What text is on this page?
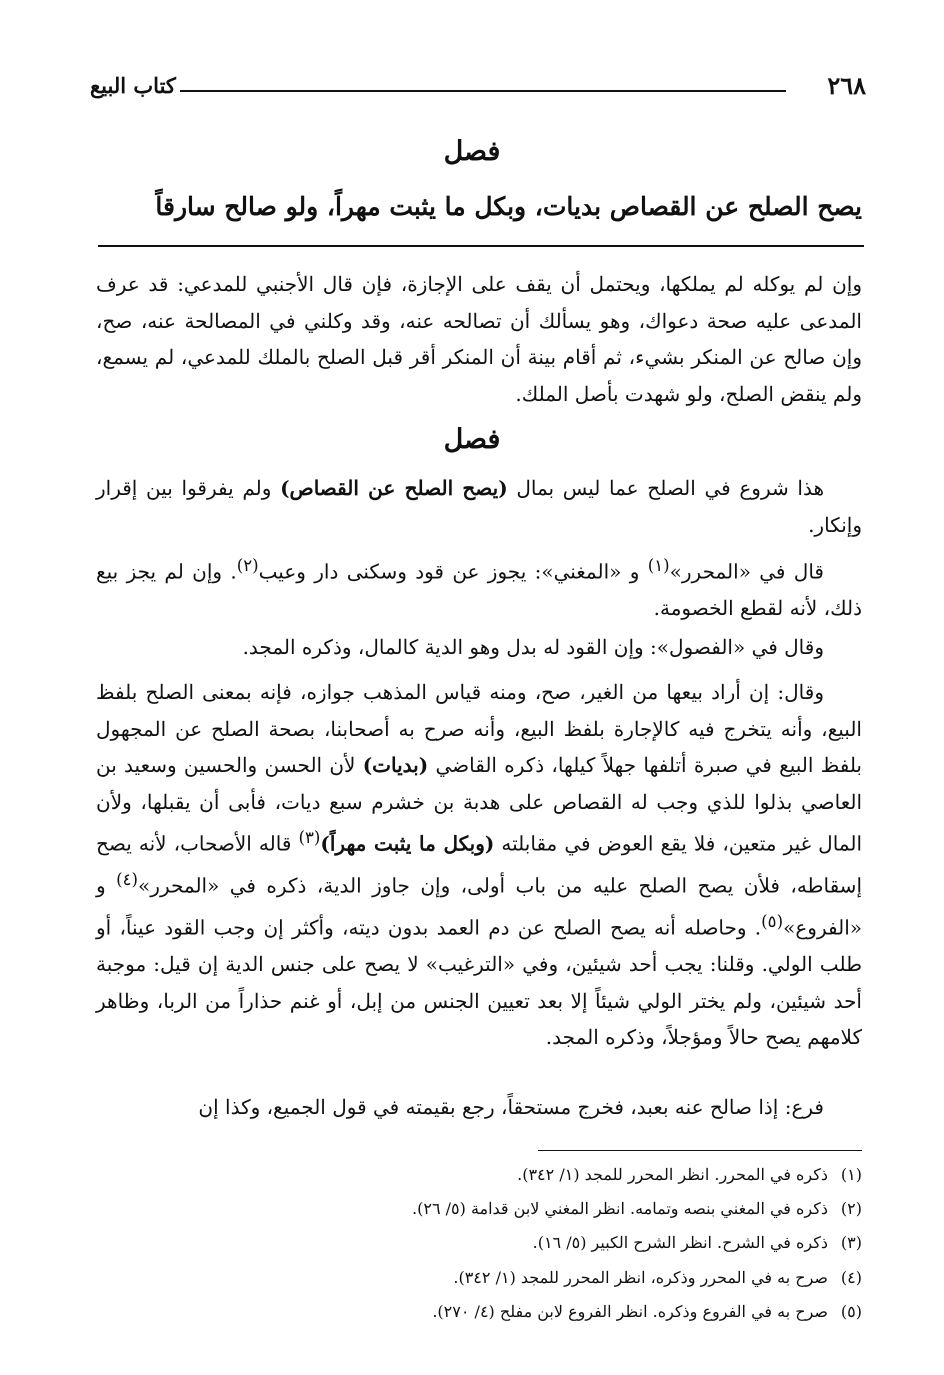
٢٦٨
كتاب البيع
فصل
يصح الصلح عن القصاص بديات، وبكل ما يثبت مهراً، ولو صالح سارقاً
وإن لم يوكله لم يملكها، ويحتمل أن يقف على الإجازة، فإن قال الأجنبي للمدعي: قد عرف المدعى عليه صحة دعواك، وهو يسألك أن تصالحه عنه، وقد وكلني في المصالحة عنه، صح، وإن صالح عن المنكر بشيء، ثم أقام بينة أن المنكر أقر قبل الصلح بالملك للمدعي، لم يسمع، ولم ينقض الصلح، ولو شهدت بأصل الملك.
فصل
هذا شروع في الصلح عما ليس بمال (يصح الصلح عن القصاص) ولم يفرقوا بين إقرار وإنكار.
قال في «المحرر»$^{(١)}$ و «المغني»: يجوز عن قود وسكنى دار وعيب$^{(٢)}$. وإن لم يجز بيع ذلك، لأنه لقطع الخصومة.
وقال في «الفصول»: وإن القود له بدل وهو الدية كالمال، وذكره المجد.
وقال: إن أراد بيعها من الغير، صح، ومنه قياس المذهب جوازه، فإنه بمعنى الصلح بلفظ البيع، وأنه يتخرج فيه كالإجارة بلفظ البيع، وأنه صرح به أصحابنا، بصحة الصلح عن المجهول بلفظ البيع في صبرة أتلفها جهلاً كيلها، ذكره القاضي (بديات) لأن الحسن والحسين وسعيد بن العاصي بذلوا للذي وجب له القصاص على هدبة بن خشرم سبع ديات، فأبى أن يقبلها، ولأن المال غير متعين، فلا يقع العوض في مقابلته (وبكل ما يثبت مهراً)$^{(٣)}$ قاله الأصحاب، لأنه يصح إسقاطه، فلأن يصح الصلح عليه من باب أولى، وإن جاوز الدية، ذكره في «المحرر»$^{(٤)}$ و «الفروع»$^{(٥)}$. وحاصله أنه يصح الصلح عن دم العمد بدون ديته، وأكثر إن وجب القود عيناً، أو طلب الولي. وقلنا: يجب أحد شيئين، وفي «الترغيب» لا يصح على جنس الدية إن قيل: موجبة أحد شيئين، ولم يختر الولي شيئاً إلا بعد تعيين الجنس من إبل، أو غنم حذاراً من الربا، وظاهر كلامهم يصح حالاً ومؤجلاً، وذكره المجد.
فرع: إذا صالح عنه بعبد، فخرج مستحقاً، رجع بقيمته في قول الجميع، وكذا إن
(١)ذكره في المحرر. انظر المحرر للمجد (١/ ٣٤٢).
(٢)ذكره في المغني بنصه وتمامه. انظر المغني لابن قدامة (٥/ ٢٦).
(٣)ذكره في الشرح. انظر الشرح الكبير (٥/ ١٦).
(٤)صرح به في المحرر وذكره، انظر المحرر للمجد (١/ ٣٤٢).
(٥)صرح به في الفروع وذكره. انظر الفروع لابن مفلح (٤/ ٢٧٠).
